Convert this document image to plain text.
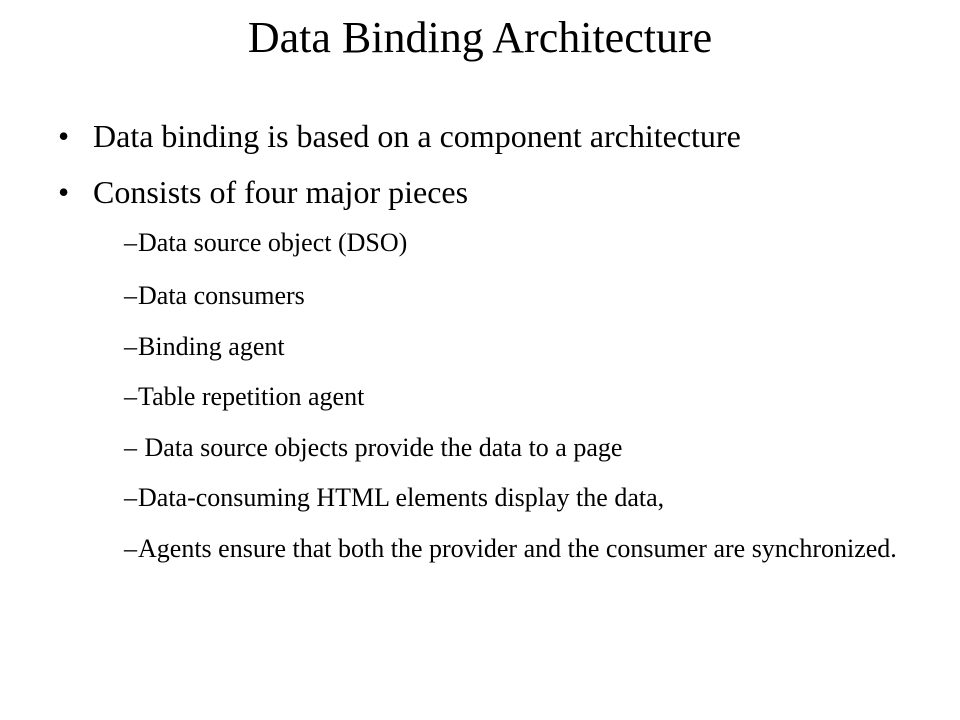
Data Binding Architecture
• Data binding is based on a component architecture
• Consists of four major pieces
– Data source object (DSO)
– Data consumers
– Binding agent
– Table repetition agent
– Data source objects provide the data to a page
– Data-consuming HTML elements display the data,
– Agents ensure that both the provider and the consumer are synchronized.
